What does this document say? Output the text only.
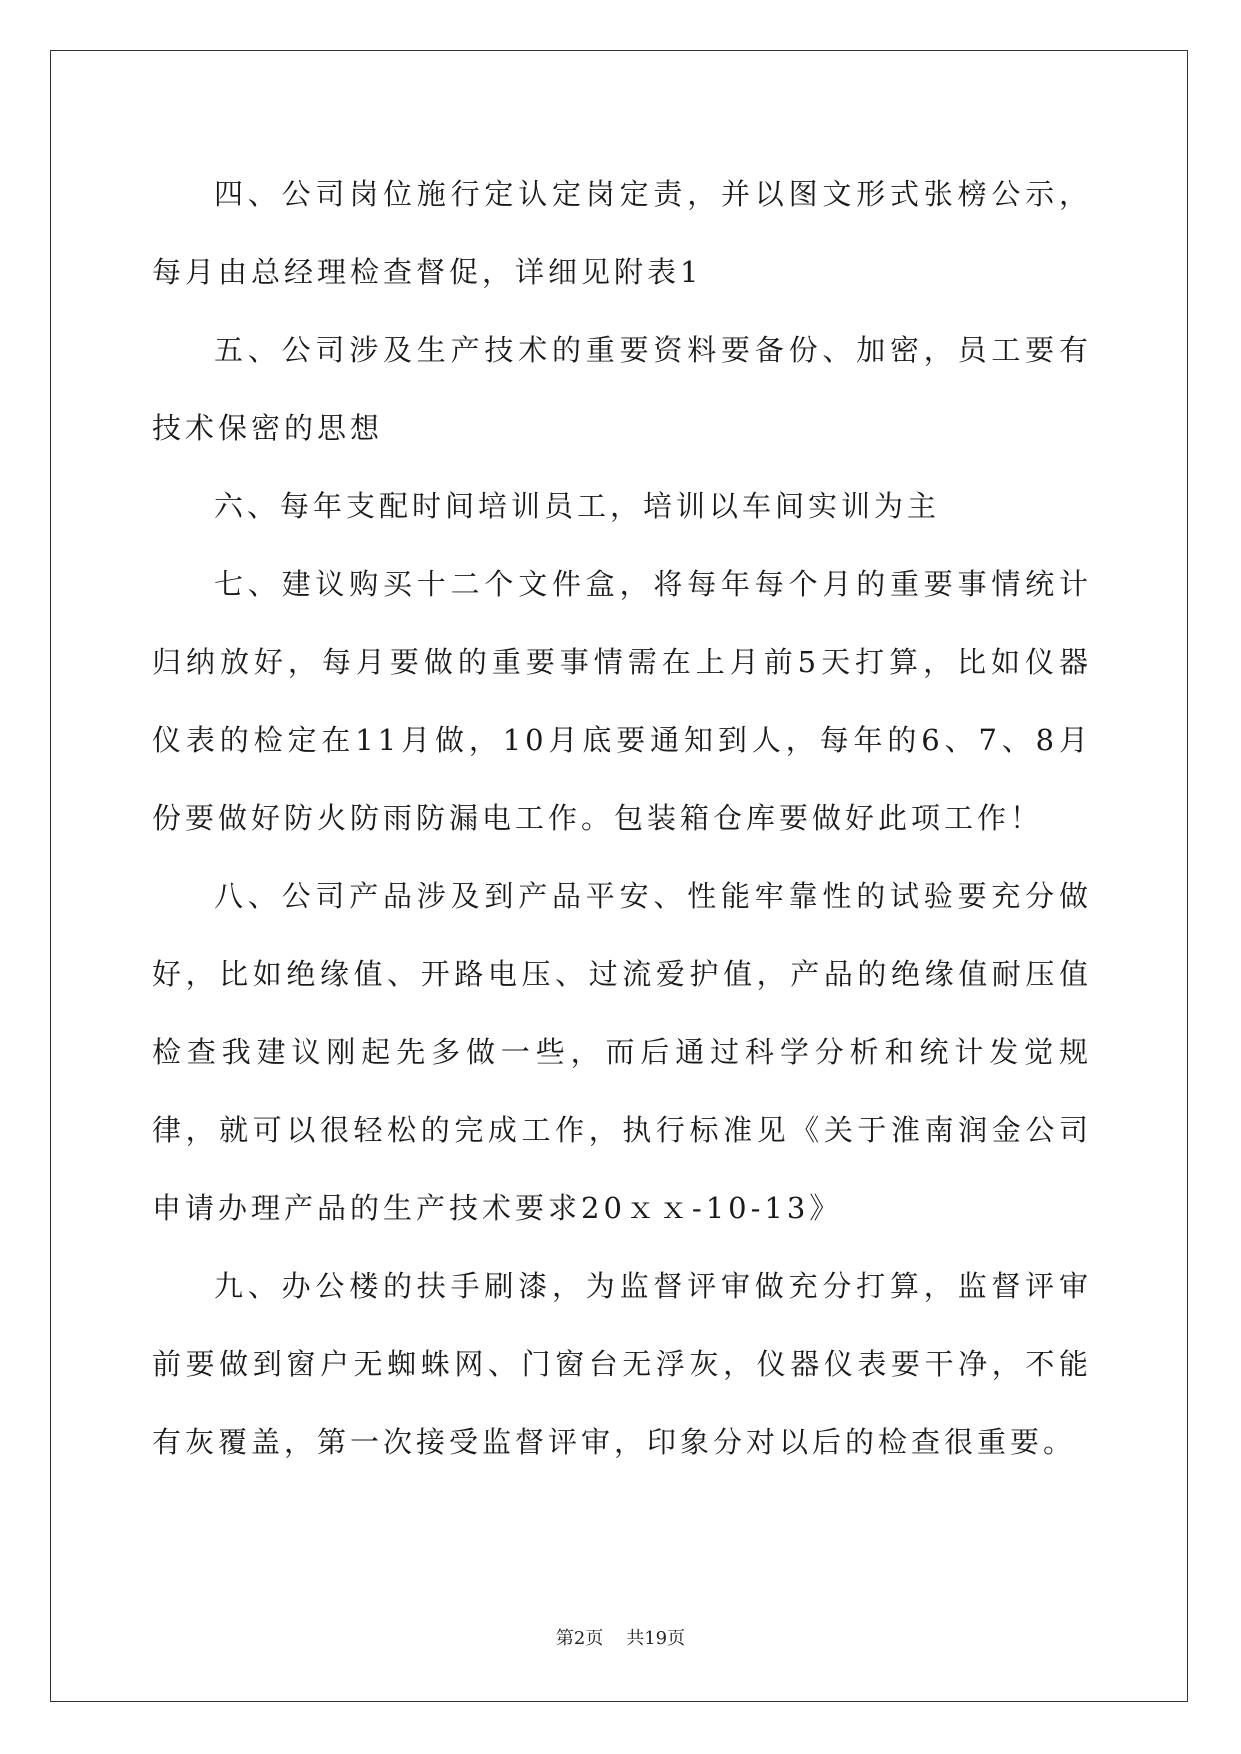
四、公司岗位施行定认定岗定责，并以图文形式张榜公示，每月由总经理检查督促，详细见附表1

五、公司涉及生产技术的重要资料要备份、加密，员工要有技术保密的思想

六、每年支配时间培训员工，培训以车间实训为主

七、建议购买十二个文件盒，将每年每个月的重要事情统计归纳放好，每月要做的重要事情需在上月前5天打算，比如仪器仪表的检定在11月做，10月底要通知到人，每年的6、7、8月份要做好防火防雨防漏电工作。包装箱仓库要做好此项工作！

八、公司产品涉及到产品平安、性能牢靠性的试验要充分做好，比如绝缘值、开路电压、过流爱护值，产品的绝缘值耐压值检查我建议刚起先多做一些，而后通过科学分析和统计发觉规律，就可以很轻松的完成工作，执行标准见《关于淮南润金公司申请办理产品的生产技术要求20ｘｘ-10-13》

九、办公楼的扶手刷漆，为监督评审做充分打算，监督评审前要做到窗户无蜘蛛网、门窗台无浮灰，仪器仪表要干净，不能有灰覆盖，第一次接受监督评审，印象分对以后的检查很重要。

第2页 共19页
